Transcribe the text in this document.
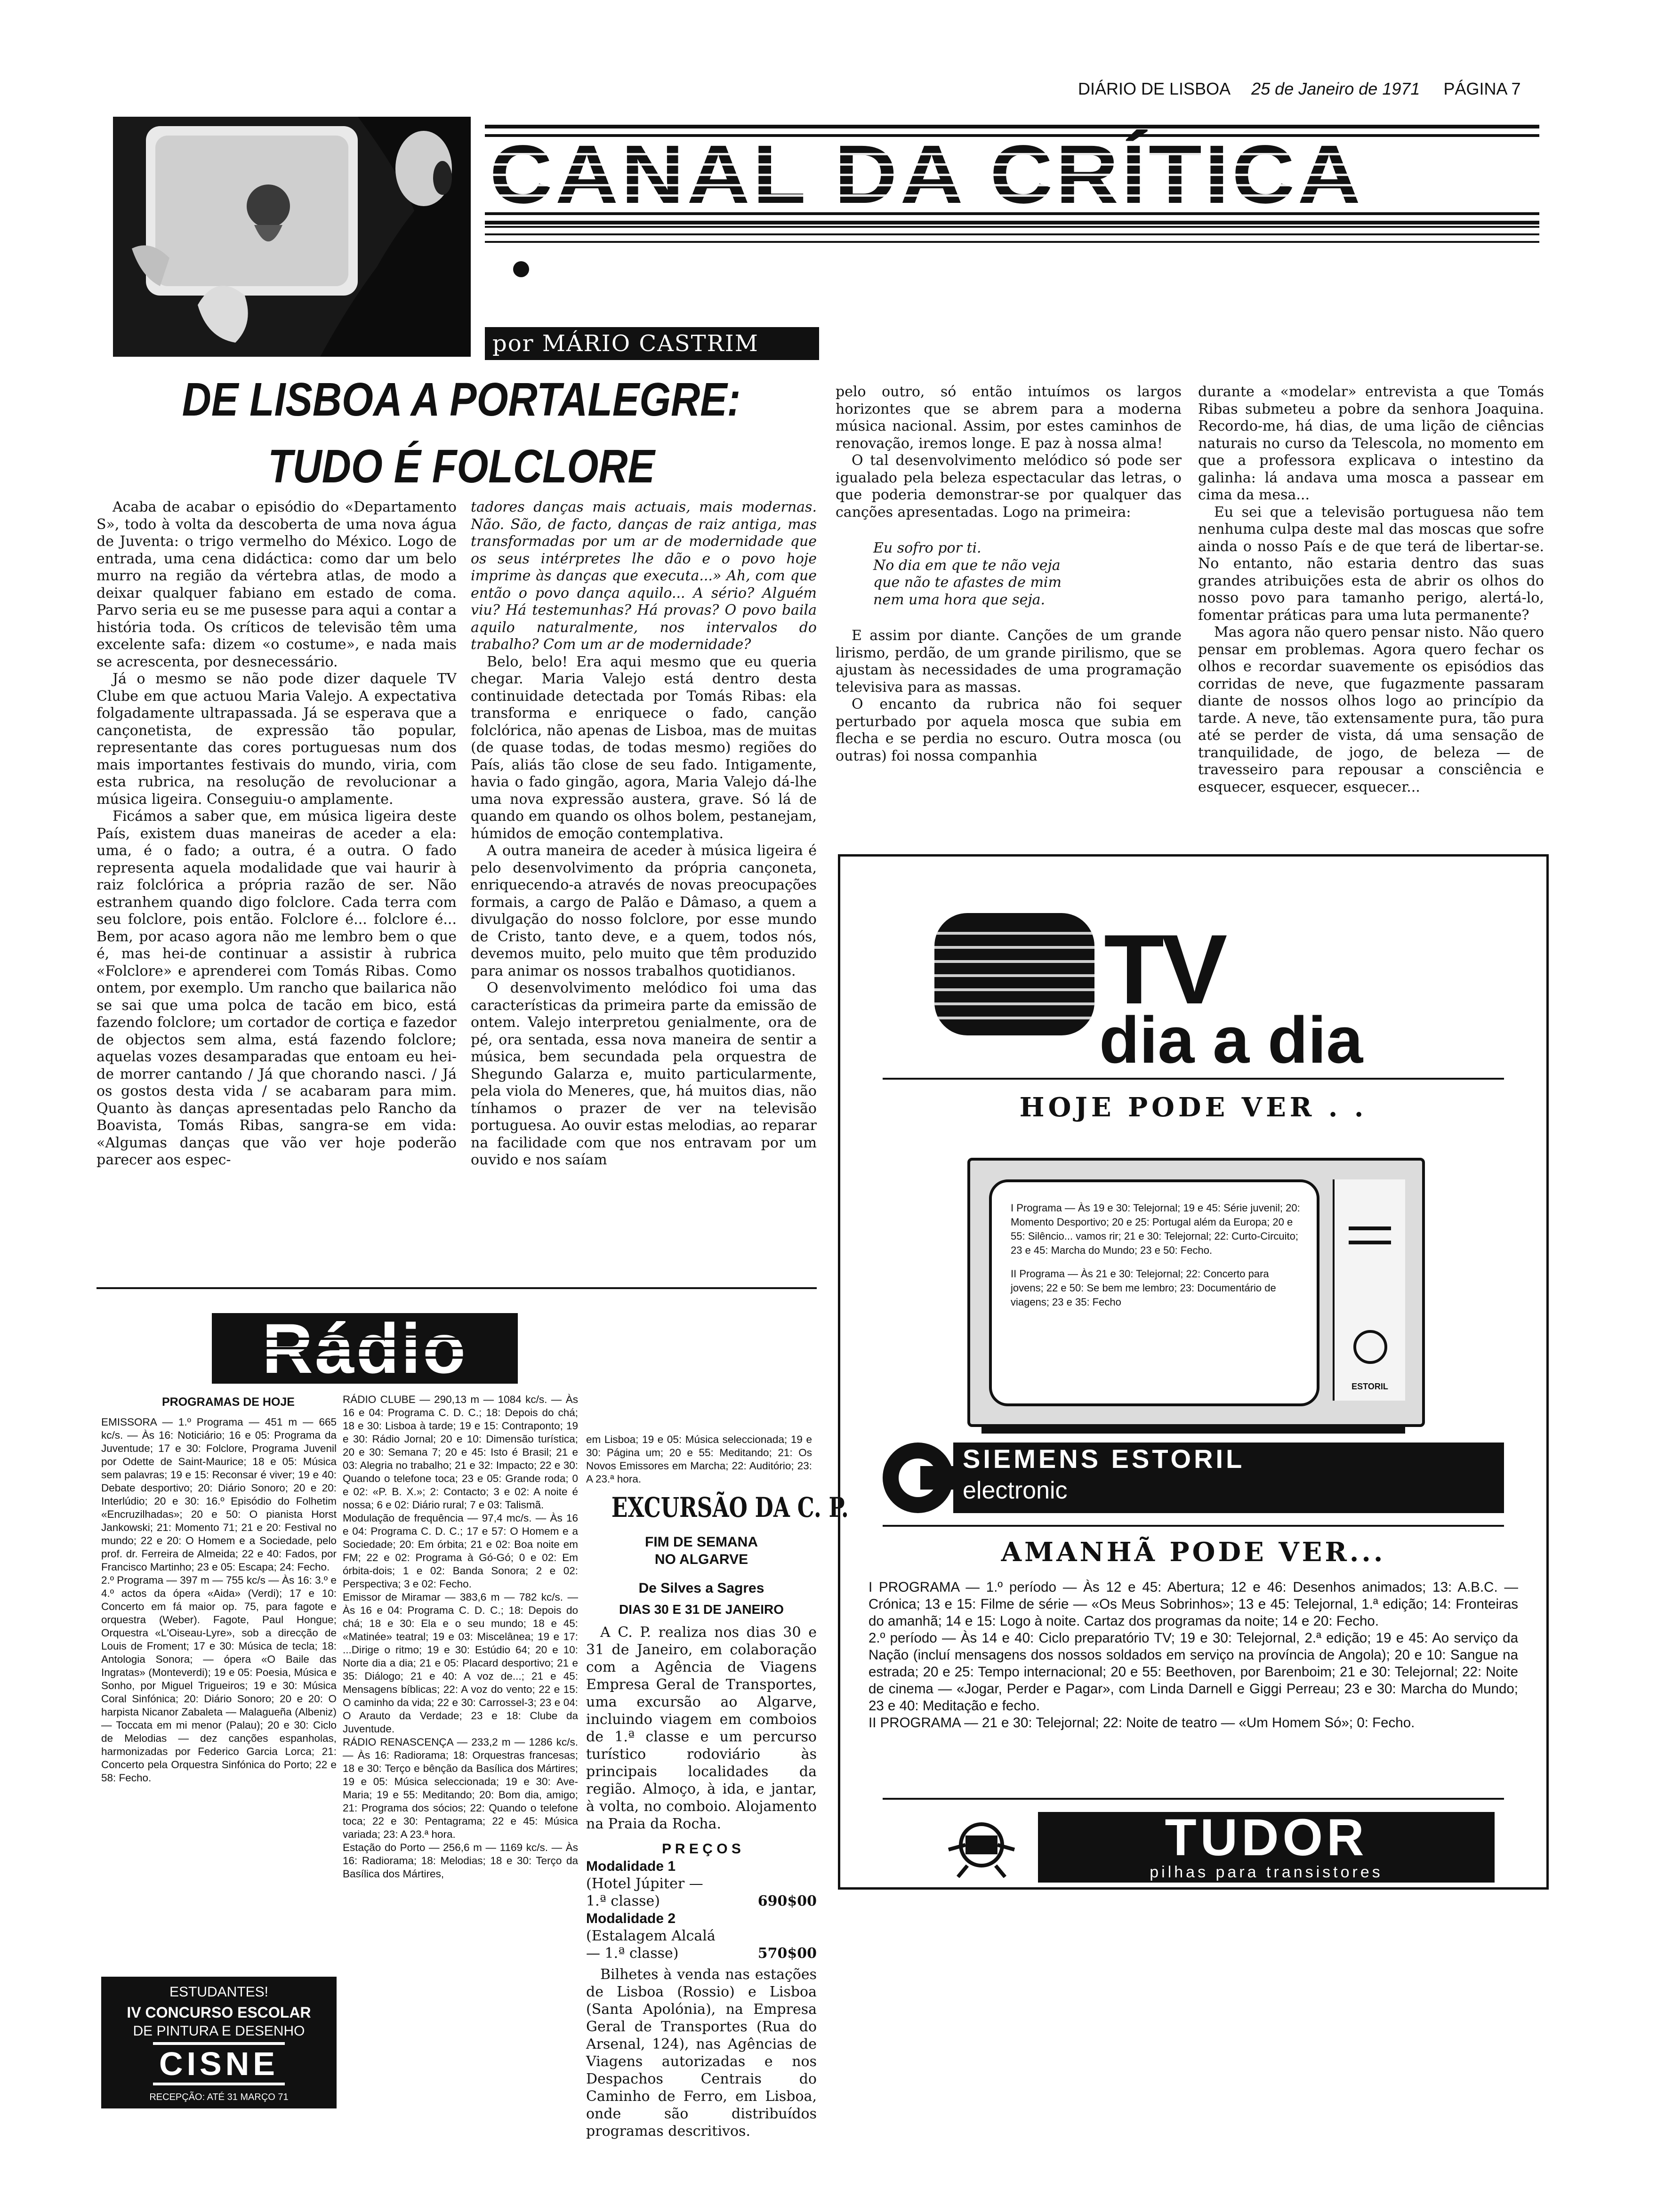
DIÁRIO DE LISBOA 25 de Janeiro de 1971 PÁGINA 7
por MÁRIO CASTRIM
DE LISBOA A PORTALEGRE:
TUDO É FOLCLORE

Acaba de acabar o episódio do «Departamento S», todo à volta da descoberta de uma nova água de Juventa: o trigo vermelho do México. Logo de entrada, uma cena didáctica: como dar um belo murro na região da vértebra atlas, de modo a deixar qualquer fabiano em estado de coma. Parvo seria eu se me pusesse para aqui a contar a história toda. Os críticos de televisão têm uma excelente safa: dizem «o costume», e nada mais se acrescenta, por desnecessário.

Já o mesmo se não pode dizer daquele TV Clube em que actuou Maria Valejo. A expectativa folgadamente ultrapassada. Já se esperava que a cançonetista, de expressão tão popular, representante das cores portuguesas num dos mais importantes festivais do mundo, viria, com esta rubrica, na resolução de revolucionar a música ligeira. Conseguiu-o amplamente.

Ficámos a saber que, em música ligeira deste País, existem duas maneiras de aceder a ela: uma, é o fado; a outra, é a outra. O fado representa aquela modalidade que vai haurir à raiz folclórica a própria razão de ser. Não estranhem quando digo folclore. Cada terra com seu folclore, pois então. Folclore é... folclore é... Bem, por acaso agora não me lembro bem o que é, mas hei-de continuar a assistir à rubrica «Folclore» e aprenderei com Tomás Ribas. Como ontem, por exemplo. Um rancho que bailarica não se sai que uma polca de tacão em bico, está fazendo folclore; um cortador de cortiça e fazedor de objectos sem alma, está fazendo folclore; aquelas vozes desamparadas que entoam eu hei-de morrer cantando / Já que chorando nasci. / Já os gostos desta vida / se acabaram para mim. Quanto às danças apresentadas pelo Rancho da Boavista, Tomás Ribas, sangra-se em vida: «Algumas danças que vão ver hoje poderão parecer aos espec-

tadores danças mais actuais, mais modernas. Não. São, de facto, danças de raiz antiga, mas transformadas por um ar de modernidade que os seus intérpretes lhe dão e o povo hoje imprime às danças que executa...» Ah, com que então o povo dança aquilo... A sério? Alguém viu? Há testemunhas? Há provas? O povo baila aquilo naturalmente, nos intervalos do trabalho? Com um ar de modernidade?

Belo, belo! Era aqui mesmo que eu queria chegar. Maria Valejo está dentro desta continuidade detectada por Tomás Ribas: ela transforma e enriquece o fado, canção folclórica, não apenas de Lisboa, mas de muitas (de quase todas, de todas mesmo) regiões do País, aliás tão close de seu fado. Intigamente, havia o fado gingão, agora, Maria Valejo dá-lhe uma nova expressão austera, grave. Só lá de quando em quando os olhos bolem, pestanejam, húmidos de emoção contemplativa.

A outra maneira de aceder à música ligeira é pelo desenvolvimento da própria cançoneta, enriquecendo-a através de novas preocupações formais, a cargo de Palão e Dâmaso, a quem a divulgação do nosso folclore, por esse mundo de Cristo, tanto deve, e a quem, todos nós, devemos muito, pelo muito que têm produzido para animar os nossos trabalhos quotidianos.

O desenvolvimento melódico foi uma das características da primeira parte da emissão de ontem. Valejo interpretou genialmente, ora de pé, ora sentada, essa nova maneira de sentir a música, bem secundada pela orquestra de Shegundo Galarza e, muito particularmente, pela viola do Meneres, que, há muitos dias, não tínhamos o prazer de ver na televisão portuguesa. Ao ouvir estas melodias, ao reparar na facilidade com que nos entravam por um ouvido e nos saíam

pelo outro, só então intuímos os largos horizontes que se abrem para a moderna música nacional. Assim, por estes caminhos de renovação, iremos longe. E paz à nossa alma!

O tal desenvolvimento melódico só pode ser igualado pela beleza espectacular das letras, o que poderia demonstrar-se por qualquer das canções apresentadas. Logo na primeira:

Eu sofro por ti.
No dia em que te não veja
que não te afastes de mim
nem uma hora que seja.

E assim por diante. Canções de um grande lirismo, perdão, de um grande pirilismo, que se ajustam às necessidades de uma programação televisiva para as massas.

O encanto da rubrica não foi sequer perturbado por aquela mosca que subia em flecha e se perdia no escuro. Outra mosca (ou outras) foi nossa companhia

durante a «modelar» entrevista a que Tomás Ribas submeteu a pobre da senhora Joaquina. Recordo-me, há dias, de uma lição de ciências naturais no curso da Telescola, no momento em que a professora explicava o intestino da galinha: lá andava uma mosca a passear em cima da mesa...

Eu sei que a televisão portuguesa não tem nenhuma culpa deste mal das moscas que sofre ainda o nosso País e de que terá de libertar-se. No entanto, não estaria dentro das suas grandes atribuições esta de abrir os olhos do nosso povo para tamanho perigo, alertá-lo, fomentar práticas para uma luta permanente?

Mas agora não quero pensar nisto. Não quero pensar em problemas. Agora quero fechar os olhos e recordar suavemente os episódios das corridas de neve, que fugazmente passaram diante de nossos olhos logo ao princípio da tarde. A neve, tão extensamente pura, tão pura até se perder de vista, dá uma sensação de tranquilidade, de jogo, de beleza — de travesseiro para repousar a consciência e esquecer, esquecer, esquecer...

PROGRAMAS DE HOJE

EMISSORA — 1.º Programa — 451 m — 665 kc/s. — Às 16: Noticiário; 16 e 05: Programa da Juventude; 17 e 30: Folclore, Programa Juvenil por Odette de Saint-Maurice; 18 e 05: Música sem palavras; 19 e 15: Reconsar é viver; 19 e 40: Debate desportivo; 20: Diário Sonoro; 20 e 20: Interlúdio; 20 e 30: 16.º Episódio do Folhetim «Encruzilhadas»; 20 e 50: O pianista Horst Jankowski; 21: Momento 71; 21 e 20: Festival no mundo; 22 e 20: O Homem e a Sociedade, pelo prof. dr. Ferreira de Almeida; 22 e 40: Fados, por Francisco Martinho; 23 e 05: Escapa; 24: Fecho.
2.º Programa — 397 m — 755 kc/s — Às 16: 3.º e 4.º actos da ópera «Aida» (Verdi); 17 e 10: Concerto em fá maior op. 75, para fagote e orquestra (Weber). Fagote, Paul Hongue; Orquestra «L'Oiseau-Lyre», sob a direcção de Louis de Froment; 17 e 30: Música de tecla; 18: Antologia Sonora; — ópera «O Baile das Ingratas» (Monteverdi); 19 e 05: Poesia, Música e Sonho, por Miguel Trigueiros; 19 e 30: Música Coral Sinfónica; 20: Diário Sonoro; 20 e 20: O harpista Nicanor Zabaleta — Malagueña (Albeniz) — Toccata em mi menor (Palau); 20 e 30: Ciclo de Melodias — dez canções espanholas, harmonizadas por Federico Garcia Lorca; 21: Concerto pela Orquestra Sinfónica do Porto; 22 e 58: Fecho.

RÁDIO CLUBE — 290,13 m — 1084 kc/s. — Às 16 e 04: Programa C. D. C.; 18: Depois do chá; 18 e 30: Lisboa à tarde; 19 e 15: Contraponto; 19 e 30: Rádio Jornal; 20 e 10: Dimensão turística; 20 e 30: Semana 7; 20 e 45: Isto é Brasil; 21 e 03: Alegria no trabalho; 21 e 32: Impacto; 22 e 30: Quando o telefone toca; 23 e 05: Grande roda; 0 e 02: «P. B. X.»; 2: Contacto; 3 e 02: A noite é nossa; 6 e 02: Diário rural; 7 e 03: Talismã.
Modulação de frequência — 97,4 mc/s. — Às 16 e 04: Programa C. D. C.; 17 e 57: O Homem e a Sociedade; 20: Em órbita; 21 e 02: Boa noite em FM; 22 e 02: Programa à Gó-Gó; 0 e 02: Em órbita-dois; 1 e 02: Banda Sonora; 2 e 02: Perspectiva; 3 e 02: Fecho.
Emissor de Miramar — 383,6 m — 782 kc/s. — Às 16 e 04: Programa C. D. C.; 18: Depois do chá; 18 e 30: Ela e o seu mundo; 18 e 45: «Matinée» teatral; 19 e 03: Miscelânea; 19 e 17: ...Dirige o ritmo; 19 e 30: Estúdio 64; 20 e 10: Norte dia a dia; 21 e 05: Placard desportivo; 21 e 35: Diálogo; 21 e 40: A voz de...; 21 e 45: Mensagens bíblicas; 22: A voz do vento; 22 e 15: O caminho da vida; 22 e 30: Carrossel-3; 23 e 04: O Arauto da Verdade; 23 e 18: Clube da Juventude.
RÁDIO RENASCENÇA — 233,2 m — 1286 kc/s. — Às 16: Radiorama; 18: Orquestras francesas; 18 e 30: Terço e bênção da Basílica dos Mártires; 19 e 05: Música seleccionada; 19 e 30: Ave-Maria; 19 e 55: Meditando; 20: Bom dia, amigo; 21: Programa dos sócios; 22: Quando o telefone toca; 22 e 30: Pentagrama; 22 e 45: Música variada; 23: A 23.ª hora.
Estação do Porto — 256,6 m — 1169 kc/s. — Às 16: Radiorama; 18: Melodias; 18 e 30: Terço da Basílica dos Mártires,

em Lisboa; 19 e 05: Música seleccionada; 19 e 30: Página um; 20 e 55: Meditando; 21: Os Novos Emissores em Marcha; 22: Auditório; 23: A 23.ª hora.

ESTUDANTES!
IV CONCURSO ESCOLAR
DE PINTURA E DESENHO
CISNE
RECEPÇÃO: ATÉ 31 MARÇO 71
EXCURSÃO DA C. P.
FIM DE SEMANA
NO ALGARVE
De Silves a Sagres
DIAS 30 E 31 DE JANEIRO
A C. P. realiza nos dias 30 e 31 de Janeiro, em colaboração com a Agência de Viagens Empresa Geral de Transportes, uma excursão ao Algarve, incluindo viagem em comboios de 1.ª classe e um percurso turístico rodoviário às principais localidades da região. Almoço, à ida, e jantar, à volta, no comboio. Alojamento na Praia da Rocha.
P R E Ç O S
Modalidade 1
(Hotel Júpiter — 1.ª classe)	690$00
Modalidade 2
(Estalagem Alcalá — 1.ª classe)	570$00
Bilhetes à venda nas estações de Lisboa (Rossio) e Lisboa (Santa Apolónia), na Empresa Geral de Transportes (Rua do Arsenal, 124), nas Agências de Viagens autorizadas e nos Despachos Centrais do Caminho de Ferro, em Lisboa, onde são distribuídos programas descritivos.
TV
dia a dia
HOJE PODE VER . .
I Programa — Às 19 e 30: Telejornal; 19 e 45: Série juvenil; 20: Momento Desportivo; 20 e 25: Portugal além da Europa; 20 e 55: Silêncio... vamos rir; 21 e 30: Telejornal; 22: Curto-Circuito; 23 e 45: Marcha do Mundo; 23 e 50: Fecho.
II Programa — Às 21 e 30: Telejornal; 22: Concerto para jovens; 22 e 50: Se bem me lembro; 23: Documentário de viagens; 23 e 35: Fecho
ESTORIL
SIEMENS ESTORIL
electronic
AMANHÃ PODE VER...
I PROGRAMA — 1.º período — Às 12 e 45: Abertura; 12 e 46: Desenhos animados; 13: A.B.C. — Crónica; 13 e 15: Filme de série — «Os Meus Sobrinhos»; 13 e 45: Telejornal, 1.ª edição; 14: Fronteiras do amanhã; 14 e 15: Logo à noite. Cartaz dos programas da noite; 14 e 20: Fecho.
2.º período — Às 14 e 40: Ciclo preparatório TV; 19 e 30: Telejornal, 2.ª edição; 19 e 45: Ao serviço da Nação (incluí mensagens dos nossos soldados em serviço na província de Angola); 20 e 10: Sangue na estrada; 20 e 25: Tempo internacional; 20 e 55: Beethoven, por Barenboim; 21 e 30: Telejornal; 22: Noite de cinema — «Jogar, Perder e Pagar», com Linda Darnell e Giggi Perreau; 23 e 30: Marcha do Mundo; 23 e 40: Meditação e fecho.
II PROGRAMA — 21 e 30: Telejornal; 22: Noite de teatro — «Um Homem Só»; 0: Fecho.
TUDOR
pilhas para transistores
